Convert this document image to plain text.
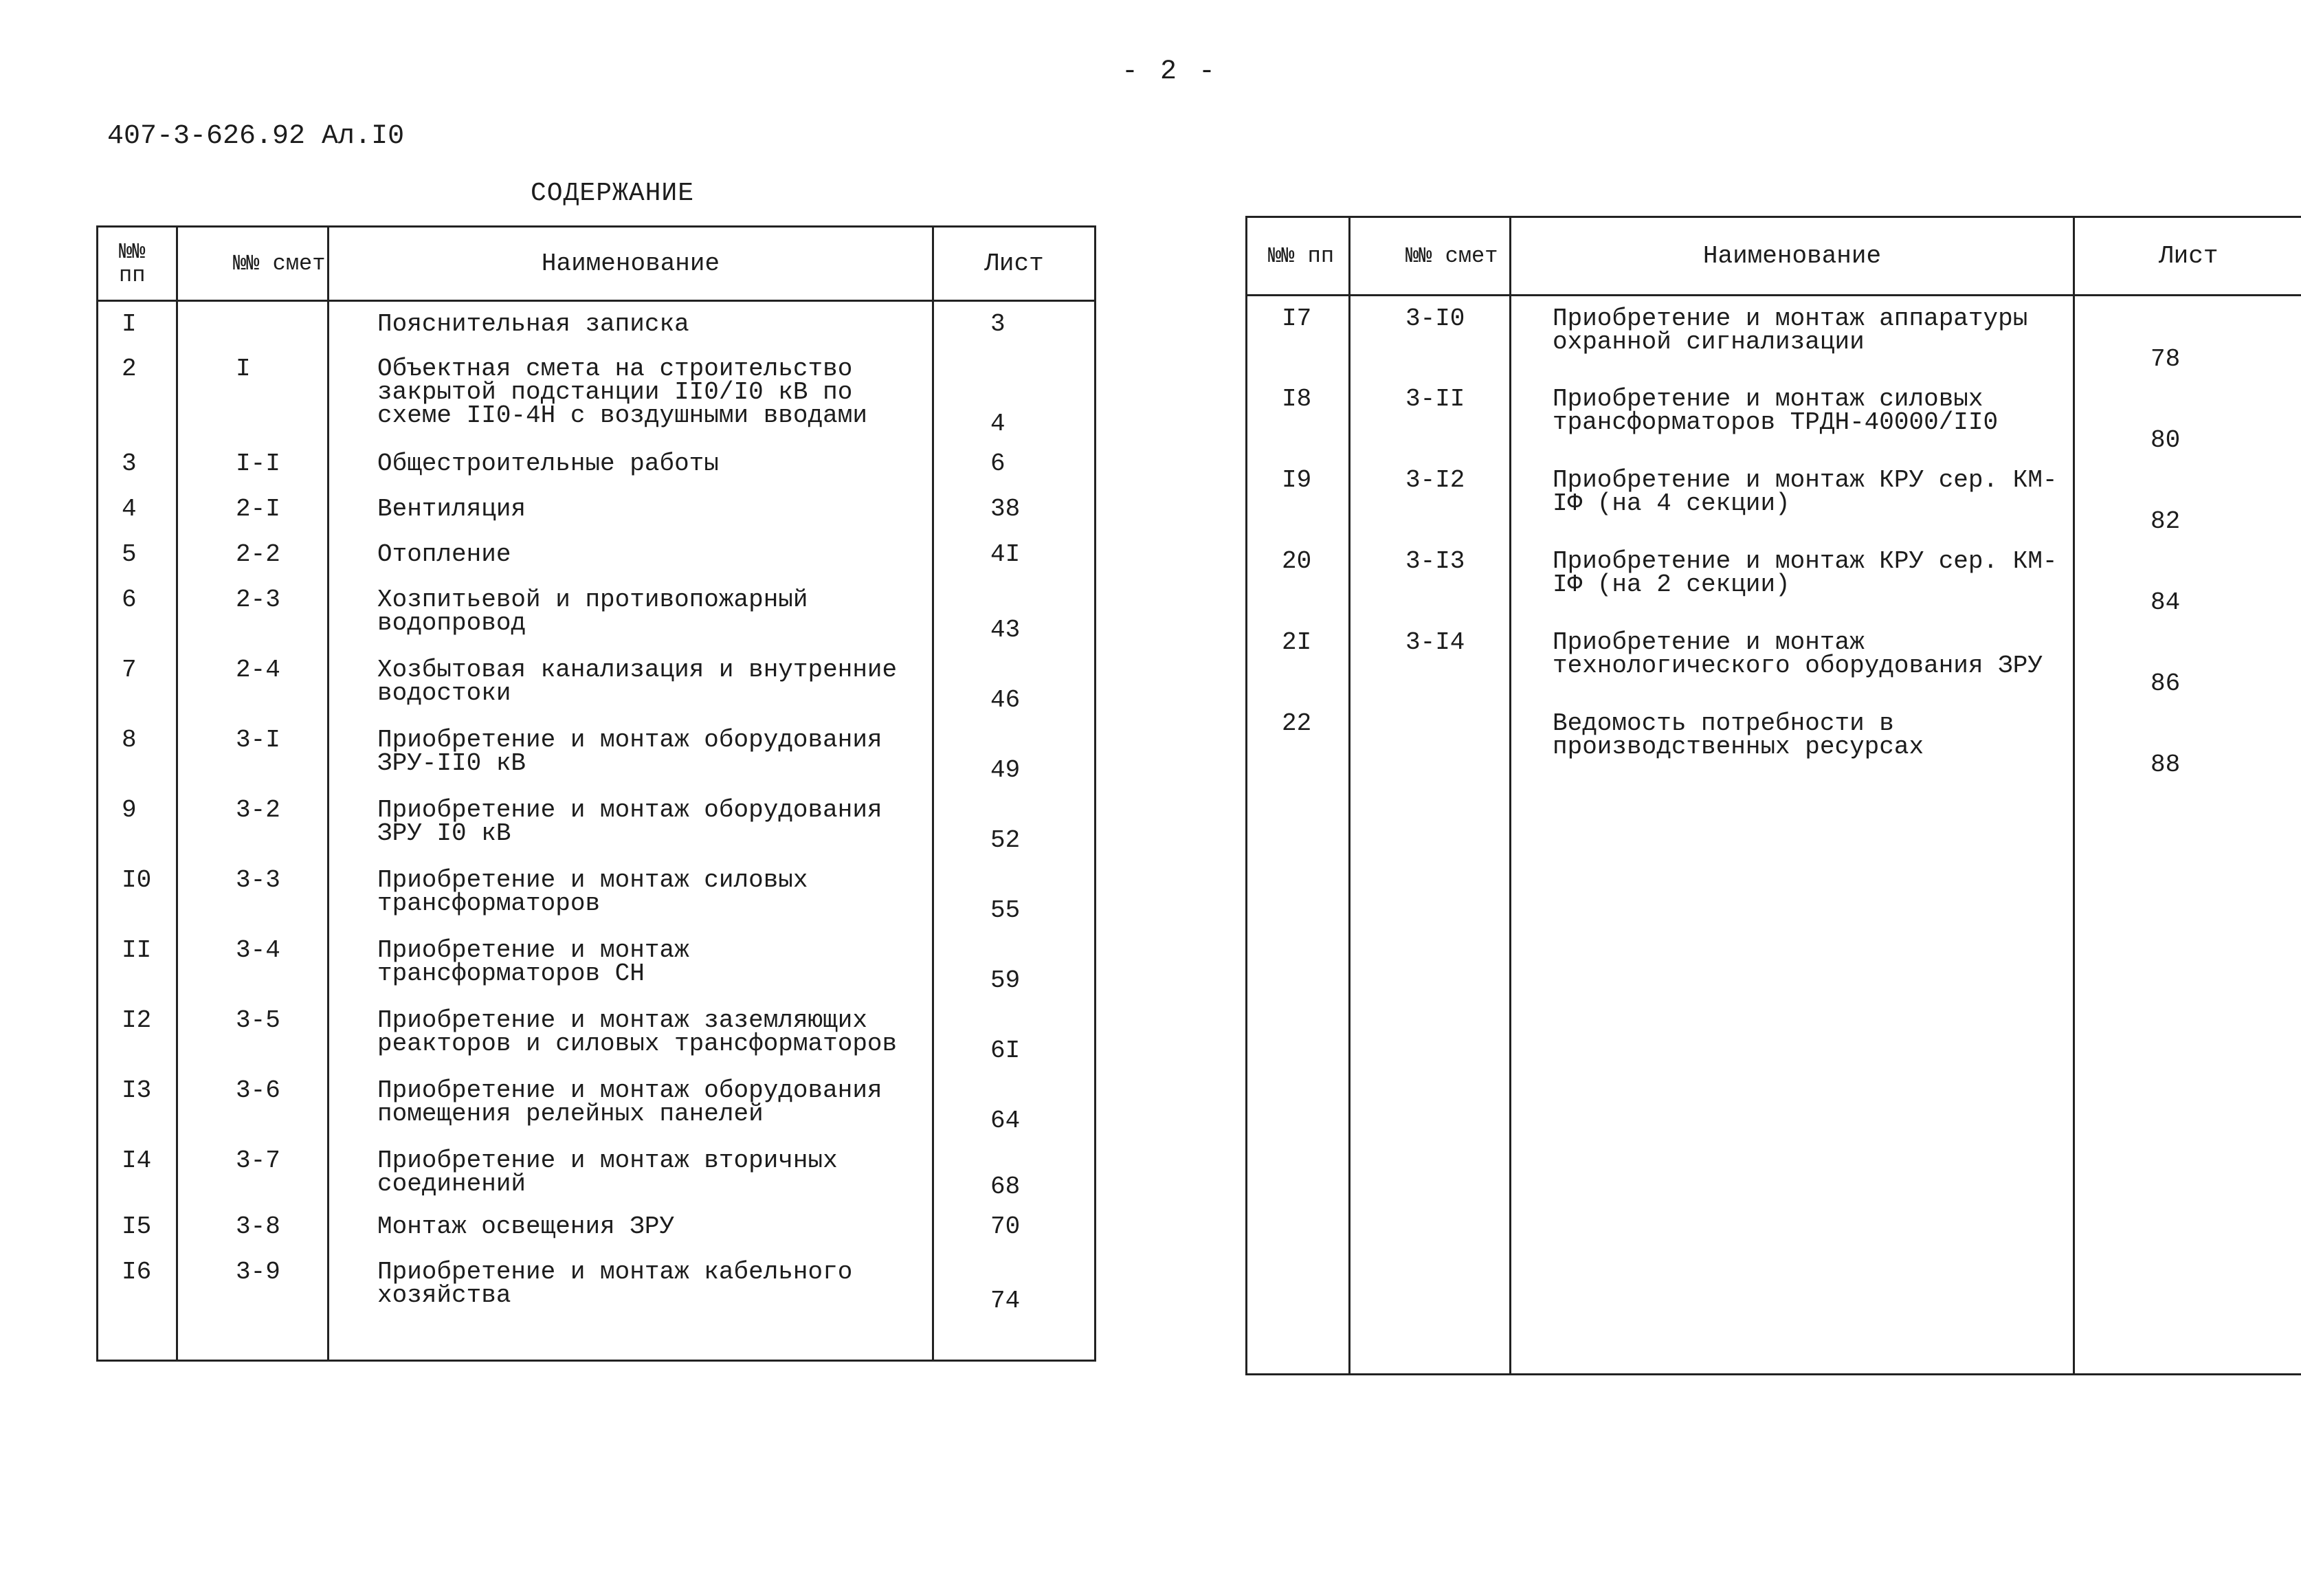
- 2 -
407-3-626.92 Ал.I0
СОДЕРЖАНИЕ
№№ пп	№№ смет	Наименование	Лист
I		Пояснительная записка	3
2	I	Объектная смета на строительство закрытой подстанции II0/I0 кВ по схеме II0-4Н с воздушными вводами	4
3	I-I	Общестроительные работы	6
4	2-I	Вентиляция	38
5	2-2	Отопление	4I
6	2-3	Хозпитьевой и противопожарный водопровод	43
7	2-4	Хозбытовая канализация и внутренние водостоки	46
8	3-I	Приобретение и монтаж оборудования ЗРУ-II0 кВ	49
9	3-2	Приобретение и монтаж оборудования ЗРУ I0 кВ	52
I0	3-3	Приобретение и монтаж силовых трансформаторов	55
II	3-4	Приобретение и монтаж трансформаторов СН	59
I2	3-5	Приобретение и монтаж заземляющих реакторов и силовых трансформаторов	6I
I3	3-6	Приобретение и монтаж оборудования помещения релейных панелей	64
I4	3-7	Приобретение и монтаж вторичных соединений	68
I5	3-8	Монтаж освещения ЗРУ	70
I6	3-9	Приобретение и монтаж кабельного хозяйства	74

№№ пп	№№ смет	Наименование	Лист
I7	3-I0	Приобретение и монтаж аппаратуры охранной сигнализации	78
I8	3-II	Приобретение и монтаж силовых трансформаторов ТРДН-40000/II0	80
I9	3-I2	Приобретение и монтаж КРУ сер. КМ-IФ (на 4 секции)	82
20	3-I3	Приобретение и монтаж КРУ сер. КМ-IФ (на 2 секции)	84
2I	3-I4	Приобретение и монтаж технологического оборудования ЗРУ	86
22		Ведомость потребности в производственных ресурсах	88
